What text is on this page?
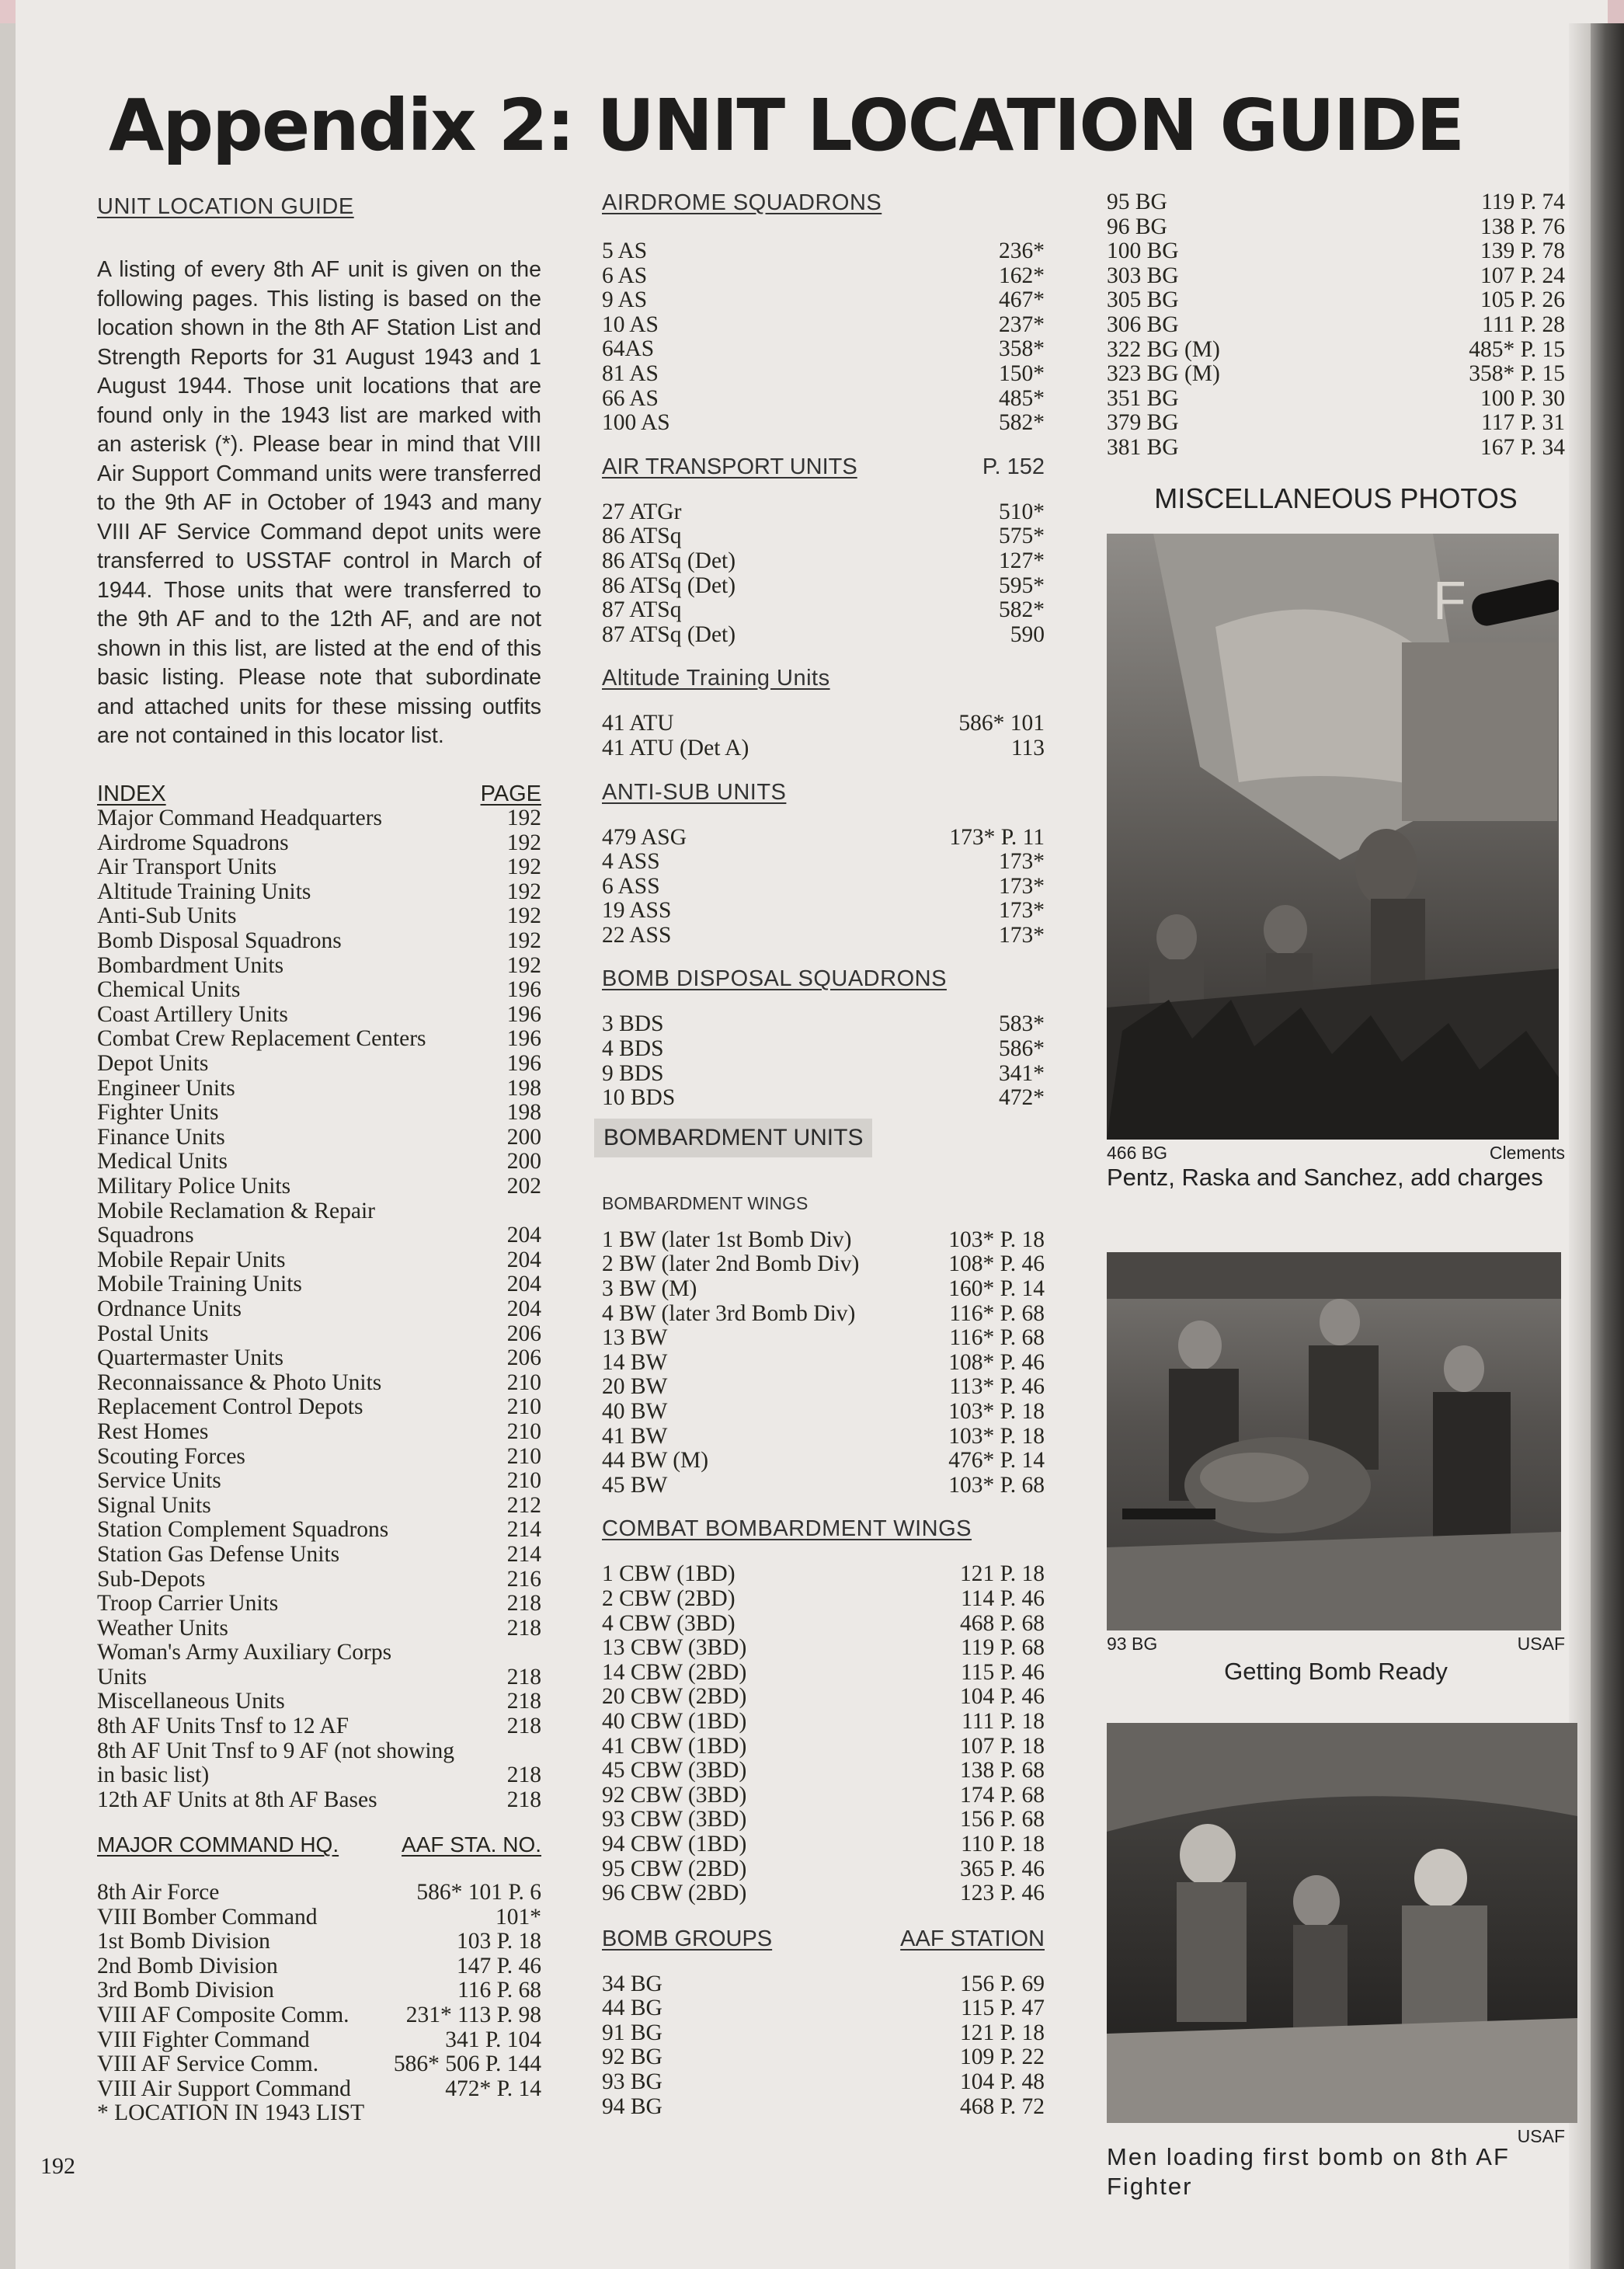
Appendix 2: UNIT LOCATION GUIDE
UNIT LOCATION GUIDE
A listing of every 8th AF unit is given on the following pages. This listing is based on the location shown in the 8th AF Station List and Strength Reports for 31 August 1943 and 1 August 1944. Those unit locations that are found only in the 1943 list are marked with an asterisk (*). Please bear in mind that VIII Air Support Command units were transferred to the 9th AF in October of 1943 and many VIII AF Service Command depot units were transferred to USSTAF control in March of 1944. Those units that were transferred to the 9th AF and to the 12th AF, and are not shown in this list, are listed at the end of this basic listing. Please note that subordinate and attached units for these missing outfits are not contained in this locator list.
INDEX	PAGE
Major Command Headquarters	192
Airdrome Squadrons	192
Air Transport Units	192
Altitude Training Units	192
Anti-Sub Units	192
Bomb Disposal Squadrons	192
Bombardment Units	192
Chemical Units	196
Coast Artillery Units	196
Combat Crew Replacement Centers	196
Depot Units	196
Engineer Units	198
Fighter Units	198
Finance Units	200
Medical Units	200
Military Police Units	202
Mobile Reclamation & Repair
Squadrons	204
Mobile Repair Units	204
Mobile Training Units	204
Ordnance Units	204
Postal Units	206
Quartermaster Units	206
Reconnaissance & Photo Units	210
Replacement Control Depots	210
Rest Homes	210
Scouting Forces	210
Service Units	210
Signal Units	212
Station Complement Squadrons	214
Station Gas Defense Units	214
Sub-Depots	216
Troop Carrier Units	218
Weather Units	218
Woman's Army Auxiliary Corps
Units	218
Miscellaneous Units	218
8th AF Units Tnsf to 12 AF	218
8th AF Unit Tnsf to 9 AF (not showing
in basic list)	218
12th AF Units at 8th AF Bases	218
MAJOR COMMAND HQ.	AAF STA. NO.
8th Air Force	586* 101 P. 6
VIII Bomber Command	101*
1st Bomb Division	103 P. 18
2nd Bomb Division	147 P. 46
3rd Bomb Division	116 P. 68
VIII AF Composite Comm. 231* 113 P. 98
VIII Fighter Command	341 P. 104
VIII AF Service Comm.	586* 506 P. 144
VIII Air Support Command	472* P. 14
* LOCATION IN 1943 LIST
AIRDROME SQUADRONS
5 AS	236*
6 AS	162*
9 AS	467*
10 AS	237*
64AS	358*
81 AS	150*
66 AS	485*
100 AS	582*
AIR TRANSPORT UNITS	P. 152
27 ATGr	510*
86 ATSq	575*
86 ATSq (Det)	127*
86 ATSq (Det)	595*
87 ATSq	582*
87 ATSq (Det)	590
Altitude Training Units
41 ATU	586* 101
41 ATU (Det A)	113
ANTI-SUB UNITS
479 ASG	173* P. 11
4 ASS	173*
6 ASS	173*
19 ASS	173*
22 ASS	173*
BOMB DISPOSAL SQUADRONS
3 BDS	583*
4 BDS	586*
9 BDS	341*
10 BDS	472*
BOMBARDMENT UNITS
BOMBARDMENT WINGS
1 BW (later 1st Bomb Div)	103* P. 18
2 BW (later 2nd Bomb Div)	108* P. 46
3 BW (M)	160* P. 14
4 BW (later 3rd Bomb Div)	116* P. 68
13 BW	116* P. 68
14 BW	108* P. 46
20 BW	113* P. 46
40 BW	103* P. 18
41 BW	103* P. 18
44 BW (M)	476* P. 14
45 BW	103* P. 68
COMBAT BOMBARDMENT WINGS
1 CBW (1BD)	121 P. 18
2 CBW (2BD)	114 P. 46
4 CBW (3BD)	468 P. 68
13 CBW (3BD)	119 P. 68
14 CBW (2BD)	115 P. 46
20 CBW (2BD)	104 P. 46
40 CBW (1BD)	111 P. 18
41 CBW (1BD)	107 P. 18
45 CBW (3BD)	138 P. 68
92 CBW (3BD)	174 P. 68
93 CBW (3BD)	156 P. 68
94 CBW (1BD)	110 P. 18
95 CBW (2BD)	365 P. 46
96 CBW (2BD)	123 P. 46
BOMB GROUPS	AAF STATION
34 BG	156 P. 69
44 BG	115 P. 47
91 BG	121 P. 18
92 BG	109 P. 22
93 BG	104 P. 48
94 BG	468 P. 72
95 BG	119 P. 74
96 BG	138 P. 76
100 BG	139 P. 78
303 BG	107 P. 24
305 BG	105 P. 26
306 BG	111 P. 28
322 BG (M)	485* P. 15
323 BG (M)	358* P. 15
351 BG	100 P. 30
379 BG	117 P. 31
381 BG	167 P. 34
MISCELLANEOUS PHOTOS
F
466 BG	Clements
Pentz, Raska and Sanchez, add charges
93 BG	USAF
Getting Bomb Ready
USAF
Men loading first bomb on 8th AF Fighter
192
